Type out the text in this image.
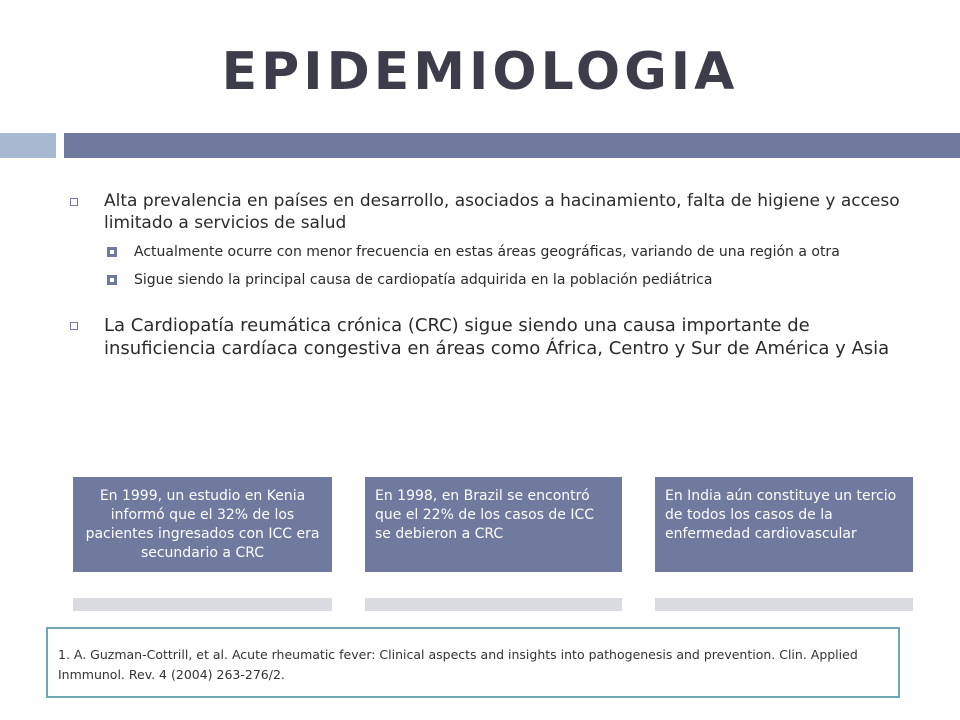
EPIDEMIOLOGIA
Alta prevalencia en países en desarrollo, asociados a hacinamiento, falta de higiene y acceso limitado a servicios de salud
Actualmente ocurre con menor frecuencia en estas áreas geográficas, variando de una región a otra
Sigue siendo la principal causa de cardiopatía adquirida en la población pediátrica
La Cardiopatía reumática crónica (CRC) sigue siendo una causa importante de insuficiencia cardíaca congestiva en áreas como África, Centro y Sur de América y Asia
En 1999, un estudio en Kenia informó que el 32% de los pacientes ingresados con ICC era secundario a CRC
En 1998, en Brazil se encontró que el 22% de los casos de ICC se debieron a CRC
En India aún constituye un tercio de todos los casos de la enfermedad cardiovascular
1. A. Guzman-Cottrill, et al. Acute rheumatic fever: Clinical aspects and insights into pathogenesis and prevention. Clin. Applied Inmmunol. Rev. 4 (2004) 263-276/2.
